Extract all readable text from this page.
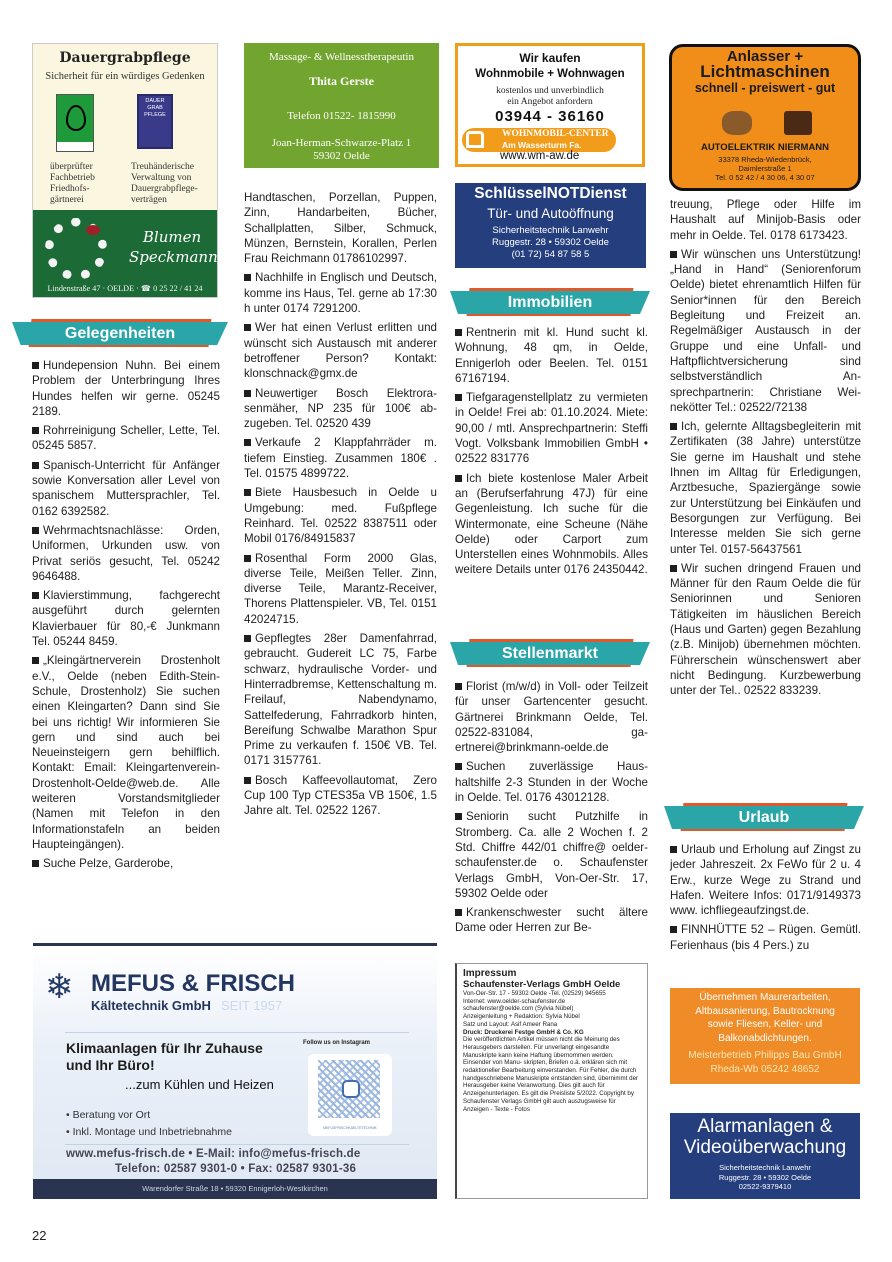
Dauergrabpflege
Sicherheit für ein würdiges Gedenken
DAUER GRAB PFLEGE
überprüfter Fachbetrieb Friedhofs- gärtnerei
Treuhänderische Verwaltung von Dauergrabpflege- verträgen
Blumen Speckmann
Lindenstraße 47 · OELDE · ☎ 0 25 22 / 41 24
Gelegenheiten

Hundepension Nuhn. Bei einem Problem der Unterbringung Ihres Hundes helfen wir gerne. 05245 2189.

Rohrreinigung Scheller, Lette, Tel. 05245 5857.

Spanisch-Unterricht für Anfänger sowie Konversation aller Level von spanischem Muttersprachler, Tel. 0162 6392582.

Wehrmachtsnachlässe: Orden, Uniformen, Urkunden usw. von Privat seriös gesucht, Tel. 05242 9646488.

Klavierstimmung, fachgerecht ausgeführt durch gelernten Klavierbauer für 80,-€ Junkmann Tel. 05244 8459.

„Kleingärtnerverein Drostenholt e.V., Oelde (neben Edith-Stein-Schule, Drostenholz) Sie suchen einen Kleingarten? Dann sind Sie bei uns richtig! Wir informieren Sie gern und sind auch bei Neueinsteigern gern behilflich. Kontakt: Email: Kleingartenverein-Drostenholt-Oelde@web.de. Alle weiteren Vorstandsmitglieder (Namen mit Telefon in den Informationstafeln an beiden Haupteingängen).

Suche Pelze, Garderobe,

Massage- & Wellnesstherapeutin
Thita Gerste
Telefon 01522- 1815990
Joan-Herman-Schwarze-Platz 1
59302 Oelde

Handtaschen, Porzellan, Puppen, Zinn, Handarbeiten, Bücher, Schallplatten, Silber, Schmuck, Münzen, Bernstein, Korallen, Perlen Frau Reichmann 01786102997.

Nachhilfe in Englisch und Deutsch, komme ins Haus, Tel. gerne ab 17:30 h unter 0174 7291200.

Wer hat einen Verlust erlitten und wünscht sich Austausch mit anderer betroffener Person? Kontakt: klonschnack@gmx.de

Neuwertiger Bosch Elektrorasenmäher, NP 235 für 100€ abzugeben. Tel. 02520 439

Verkaufe 2 Klappfahrräder m. tiefem Einstieg. Zusammen 180€ . Tel. 01575 4899722.

Biete Hausbesuch in Oelde u Umgebung: med. Fußpflege Reinhard. Tel. 02522 8387511 oder Mobil 0176/84915837

Rosenthal Form 2000 Glas, diverse Teile, Meißen Teller. Zinn, diverse Teile, Marantz-Receiver, Thorens Plattenspieler. VB, Tel. 0151 42024715.

Gepflegtes 28er Damenfahrrad, gebraucht. Gudereit LC 75, Farbe schwarz, hydraulische Vorder- und Hinterradbremse, Kettenschaltung m. Freilauf, Nabendynamo, Sattelfederung, Fahrradkorb hinten, Bereifung Schwalbe Marathon Spur Prime zu verkaufen f. 150€ VB. Tel. 0171 3157761.

Bosch Kaffeevollautomat, Zero Cup 100 Typ CTES35a VB 150€, 1.5 Jahre alt. Tel. 02522 1267.

Wir kaufen
Wohnmobile + Wohnwagen
kostenlos und unverbindlich
ein Angebot anfordern
03944 - 36160
WOHNMOBIL-CENTER
Am Wasserturm Fa.
www.wm-aw.de
SchlüsselNOTDienst
Tür- und Autoöffnung
Sicherheitstechnik Lanwehr
Ruggestr. 28 • 59302 Oelde
(01 72) 54 87 58 5
Immobilien

Rentnerin mit kl. Hund sucht kl. Wohnung, 48 qm, in Oelde, Ennigerloh oder Beelen. Tel. 0151 67167194.

Tiefgaragenstellplatz zu vermieten in Oelde! Frei ab: 01.10.2024. Miete: 90,00 / mtl. Ansprechpartnerin: Steffi Vogt. Volksbank Immobilien GmbH • 02522 831776

Ich biete kostenlose Maler Arbeit an (Berufserfahrung 47J) für eine Gegenleistung. Ich suche für die Wintermonate, eine Scheune (Nähe Oelde) oder Carport zum Unterstellen eines Wohnmobils. Alles weitere Details unter 0176 24350442.

Stellenmarkt

Florist (m/w/d) in Voll- oder Teilzeit für unser Gartencenter gesucht. Gärtnerei Brinkmann Oelde, Tel. 02522-831084, gaertnerei@brinkmann-oelde.de

Suchen zuverlässige Haushaltshilfe 2-3 Stunden in der Woche in Oelde. Tel. 0176 43012128.

Seniorin sucht Putzhilfe in Stromberg. Ca. alle 2 Wochen f. 2 Std. Chiffre 442/01 chiffre@ oelder-schaufenster.de o. Schaufenster Verlags GmbH, Von-Oer-Str. 17, 59302 Oelde oder

Krankenschwester sucht ältere Dame oder Herren zur Be-

Impressum
Schaufenster-Verlags GmbH Oelde
Von-Oer-Str. 17 - 59302 Oelde -Tel. (02529) 945655
Internet: www.oelder-schaufenster.de
schaufenster@oelde.com (Sylvia Nübel)
Anzeigenleitung + Redaktion: Sylvia Nübel
Satz und Layout: Asif Ameer Rana
Druck: Druckerei Festge GmbH & Co. KG
Die veröffentlichten Artikel müssen nicht die Meinung des Herausgebers darstellen. Für unverlangt eingesandte Manuskripte kann keine Haftung übernommen werden. Einsender von Manu- skripten, Briefen o.ä. erklären sich mit redaktioneller Bearbeitung einverstanden. Für Fehler, die durch handgeschriebene Manuskripte entstanden sind, übernimmt der Herausgeber keine Veranwortung. Dies gilt auch für Anzeigenunterlagen. Es gilt die Preisliste 5/2022. Copyright by Schaufenster Verlags GmbH gilt auch auszugsweise für Anzeigen - Texte - Fotos
Anlasser +
Lichtmaschinen
schnell - preiswert - gut
AUTOELEKTRIK NIERMANN
33378 Rheda-Wiedenbrück,
Daimlerstraße 1
Tel. 0 52 42 / 4 30 06, 4 30 07

treuung, Pflege oder Hilfe im Haushalt auf Minijob-Basis oder mehr in Oelde. Tel. 0178 6173423.

Wir wünschen uns Unterstützung! „Hand in Hand“ (Seniorenforum Oelde) bietet ehrenamtlich Hilfen für Senior*innen für den Bereich Begleitung und Freizeit an. Regelmäßiger Austausch in der Gruppe und eine Unfall- und Haftpflichtversicherung sind selbstverständlich Ansprechpartnerin: Christiane Weinekötter Tel.: 02522/72138

Ich, gelernte Alltagsbegleiterin mit Zertifikaten (38 Jahre) unterstütze Sie gerne im Haushalt und stehe Ihnen im Alltag für Erledigungen, Arztbesuche, Spaziergänge sowie zur Unterstützung bei Einkäufen und Besorgungen zur Verfügung. Bei Interesse melden Sie sich gerne unter Tel. 0157-56437561

Wir suchen dringend Frauen und Männer für den Raum Oelde die für Seniorinnen und Senioren Tätigkeiten im häuslichen Bereich (Haus und Garten) gegen Bezahlung (z.B. Minijob) übernehmen möchten. Führerschein wünschenswert aber nicht Bedingung. Kurzbewerbung unter der Tel.. 02522 833239.

Urlaub

Urlaub und Erholung auf Zingst zu jeder Jahreszeit. 2x FeWo für 2 u. 4 Erw., kurze Wege zu Strand und Hafen. Weitere Infos: 0171/9149373 www. ichfliegeaufzingst.de.

FINNHÜTTE 52 – Rügen. Gemütl. Ferienhaus (bis 4 Pers.) zu

Übernehmen Maurerarbeiten,
Altbausanierung, Bautrocknung
sowie Fliesen, Keller- und
Balkonabdichtungen.
Meisterbetrieb Philipps Bau GmbH
Rheda-Wb 05242 48652
Alarmanlagen &
Videoüberwachung
Sicherheitstechnik Lanwehr
Ruggestr. 28 • 59302 Oelde
02522-9379410
❄ MEFUS & FRISCH
Kältetechnik GmbH SEIT 1957
Klimaanlagen für Ihr Zuhause
und Ihr Büro!
Follow us on Instagram
MEFUSFRISCHKAELTETECHNIK
...zum Kühlen und Heizen
• Beratung vor Ort
• Inkl. Montage und Inbetriebnahme
www.mefus-frisch.de • E-Mail: info@mefus-frisch.de
Telefon: 02587 9301-0 • Fax: 02587 9301-36
Warendorfer Straße 18 • 59320 Ennigerloh-Westkirchen
22
